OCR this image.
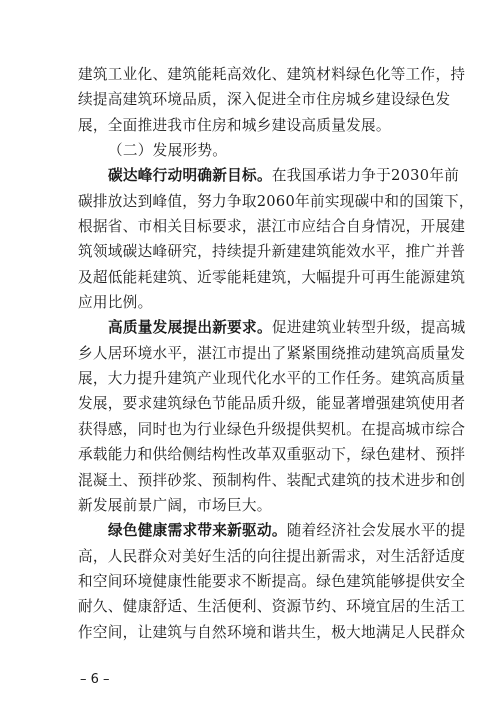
建筑工业化、建筑能耗高效化、建筑材料绿色化等工作，持
续提高建筑环境品质，深入促进全市住房城乡建设绿色发
展，全面推进我市住房和城乡建设高质量发展。
（二）发展形势。
碳达峰行动明确新目标。在我国承诺力争于2030年前
碳排放达到峰值，努力争取2060年前实现碳中和的国策下，
根据省、市相关目标要求，湛江市应结合自身情况，开展建
筑领域碳达峰研究，持续提升新建建筑能效水平，推广并普
及超低能耗建筑、近零能耗建筑，大幅提升可再生能源建筑
应用比例。
高质量发展提出新要求。促进建筑业转型升级，提高城
乡人居环境水平，湛江市提出了紧紧围绕推动建筑高质量发
展，大力提升建筑产业现代化水平的工作任务。建筑高质量
发展，要求建筑绿色节能品质升级，能显著增强建筑使用者
获得感，同时也为行业绿色升级提供契机。在提高城市综合
承载能力和供给侧结构性改革双重驱动下，绿色建材、预拌
混凝土、预拌砂浆、预制构件、装配式建筑的技术进步和创
新发展前景广阔，市场巨大。
绿色健康需求带来新驱动。随着经济社会发展水平的提
高，人民群众对美好生活的向往提出新需求，对生活舒适度
和空间环境健康性能要求不断提高。绿色建筑能够提供安全
耐久、健康舒适、生活便利、资源节约、环境宜居的生活工
作空间，让建筑与自然环境和谐共生，极大地满足人民群众
– 6 –
